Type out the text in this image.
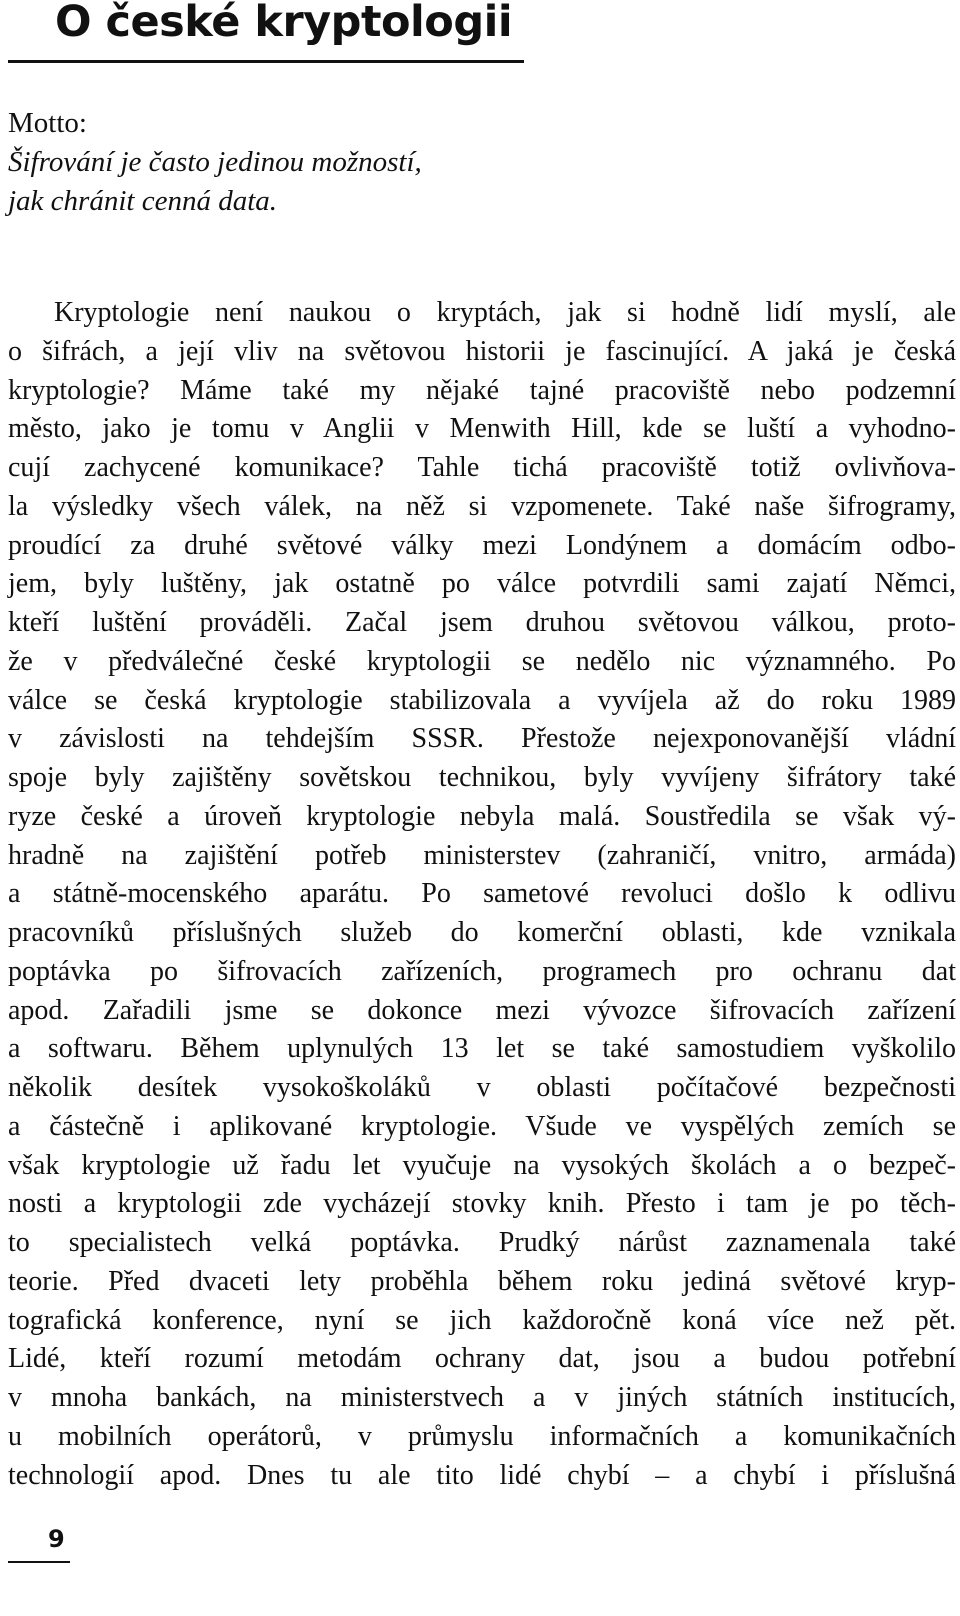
O české kryptologii
Motto:
Šifrování je často jedinou možností,
jak chránit cenná data.
Kryptologie není naukou o kryptách, jak si hodně lidí myslí, ale
o šifrách, a její vliv na světovou historii je fascinující. A jaká je česká
kryptologie? Máme také my nějaké tajné pracoviště nebo podzemní
město, jako je tomu v Anglii v Menwith Hill, kde se luští a vyhodno-
cují zachycené komunikace? Tahle tichá pracoviště totiž ovlivňova-
la výsledky všech válek, na něž si vzpomenete. Také naše šifrogramy,
proudící za druhé světové války mezi Londýnem a domácím odbo-
jem, byly luštěny, jak ostatně po válce potvrdili sami zajatí Němci,
kteří luštění prováděli. Začal jsem druhou světovou válkou, proto-
že v předválečné české kryptologii se nedělo nic významného. Po
válce se česká kryptologie stabilizovala a vyvíjela až do roku 1989
v závislosti na tehdejším SSSR. Přestože nejexponovanější vládní
spoje byly zajištěny sovětskou technikou, byly vyvíjeny šifrátory také
ryze české a úroveň kryptologie nebyla malá. Soustředila se však vý-
hradně na zajištění potřeb ministerstev (zahraničí, vnitro, armáda)
a státně-mocenského aparátu. Po sametové revoluci došlo k odlivu
pracovníků příslušných služeb do komerční oblasti, kde vznikala
poptávka po šifrovacích zařízeních, programech pro ochranu dat
apod. Zařadili jsme se dokonce mezi vývozce šifrovacích zařízení
a softwaru. Během uplynulých 13 let se také samostudiem vyškolilo
několik desítek vysokoškoláků v oblasti počítačové bezpečnosti
a částečně i aplikované kryptologie. Všude ve vyspělých zemích se
však kryptologie už řadu let vyučuje na vysokých školách a o bezpeč-
nosti a kryptologii zde vycházejí stovky knih. Přesto i tam je po těch-
to specialistech velká poptávka. Prudký nárůst zaznamenala také
teorie. Před dvaceti lety proběhla během roku jediná světové kryp-
tografická konference, nyní se jich každoročně koná více než pět.
Lidé, kteří rozumí metodám ochrany dat, jsou a budou potřební
v mnoha bankách, na ministerstvech a v jiných státních institucích,
u mobilních operátorů, v průmyslu informačních a komunikačních
technologií apod. Dnes tu ale tito lidé chybí – a chybí i příslušná
9
